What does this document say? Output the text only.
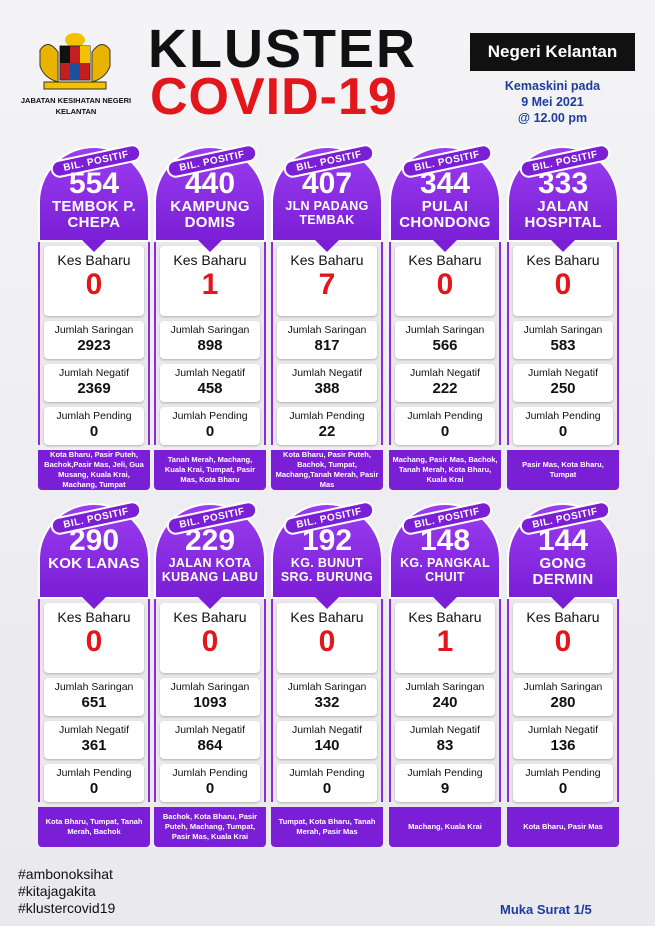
JABATAN KESIHATAN NEGERI KELANTAN
KLUSTER
COVID-19
Negeri Kelantan
Kemaskini pada
9 Mei 2021
@ 12.00 pm
BIL. POSITIF
554
TEMBOK P. CHEPA
Kes Baharu
0
Jumlah Saringan
2923
Jumlah Negatif
2369
Jumlah Pending
0
Kota Bharu, Pasir Puteh, Bachok,Pasir Mas, Jeli, Gua Musang, Kuala Krai, Machang, Tumpat
BIL. POSITIF
440
KAMPUNG DOMIS
Kes Baharu
1
Jumlah Saringan
898
Jumlah Negatif
458
Jumlah Pending
0
Tanah Merah, Machang, Kuala Krai, Tumpat, Pasir Mas, Kota Bharu
BIL. POSITIF
407
JLN PADANG TEMBAK
Kes Baharu
7
Jumlah Saringan
817
Jumlah Negatif
388
Jumlah Pending
22
Kota Bharu, Pasir Puteh, Bachok, Tumpat, Machang,Tanah Merah, Pasir Mas
BIL. POSITIF
344
PULAI CHONDONG
Kes Baharu
0
Jumlah Saringan
566
Jumlah Negatif
222
Jumlah Pending
0
Machang, Pasir Mas, Bachok, Tanah Merah, Kota Bharu, Kuala Krai
BIL. POSITIF
333
JALAN HOSPITAL
Kes Baharu
0
Jumlah Saringan
583
Jumlah Negatif
250
Jumlah Pending
0
Pasir Mas, Kota Bharu, Tumpat
BIL. POSITIF
290
KOK LANAS
Kes Baharu
0
Jumlah Saringan
651
Jumlah Negatif
361
Jumlah Pending
0
Kota Bharu, Tumpat, Tanah Merah, Bachok
BIL. POSITIF
229
JALAN KOTA KUBANG LABU
Kes Baharu
0
Jumlah Saringan
1093
Jumlah Negatif
864
Jumlah Pending
0
Bachok, Kota Bharu, Pasir Puteh, Machang, Tumpat, Pasir Mas, Kuala Krai
BIL. POSITIF
192
KG. BUNUT SRG. BURUNG
Kes Baharu
0
Jumlah Saringan
332
Jumlah Negatif
140
Jumlah Pending
0
Tumpat, Kota Bharu, Tanah Merah, Pasir Mas
BIL. POSITIF
148
KG. PANGKAL CHUIT
Kes Baharu
1
Jumlah Saringan
240
Jumlah Negatif
83
Jumlah Pending
9
Machang, Kuala Krai
BIL. POSITIF
144
GONG DERMIN
Kes Baharu
0
Jumlah Saringan
280
Jumlah Negatif
136
Jumlah Pending
0
Kota Bharu, Pasir Mas
#ambonoksihat
#kitajagakita
#klustercovid19	Muka Surat 1/5
